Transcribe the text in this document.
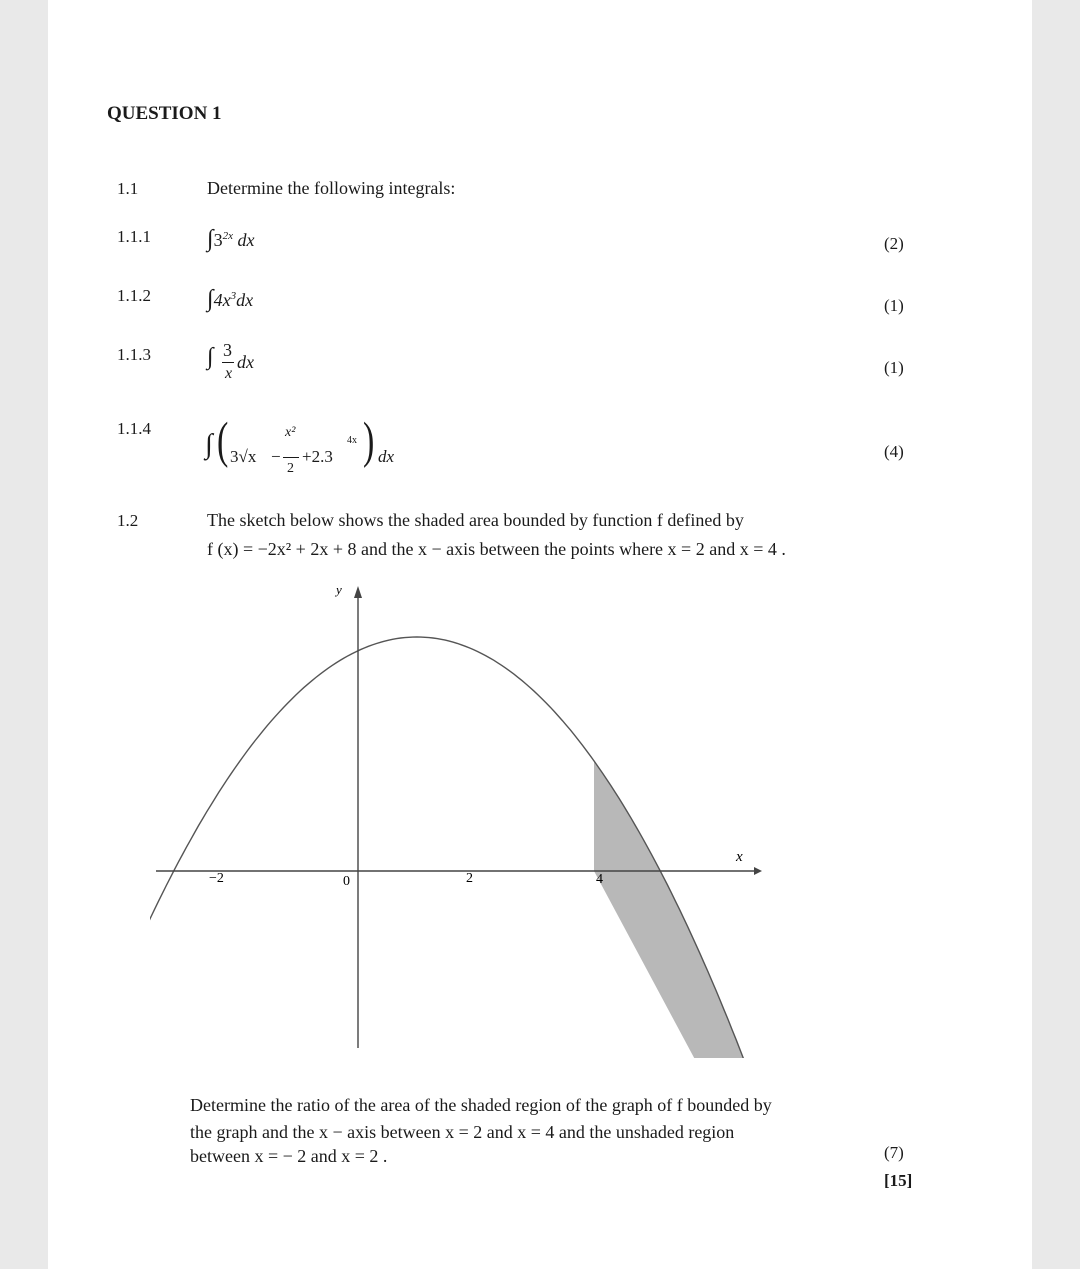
QUESTION 1
1.1	Determine the following integrals:
1.1.1 $\int 3^{2x}$ dx	(2)
1.1.2 $\int 4x^3dx$	(1)
1.1.3 ∫ 3
x
dx	(1)
1.1.4
∫ ( 3√x −
x²
2
+2.3
4x ) dx	(4)
1.2	The sketch below shows the shaded area bounded by function f defined by
f (x) = −2x² + 2x + 8 and the x − axis between the points where x = 2 and x = 4 .
y
x
−2	0	2	4
Determine the ratio of the area of the shaded region of the graph of f bounded by
the graph and the x − axis between x = 2 and x = 4 and the unshaded region
between x = − 2 and x = 2 .	(7)
[15]
